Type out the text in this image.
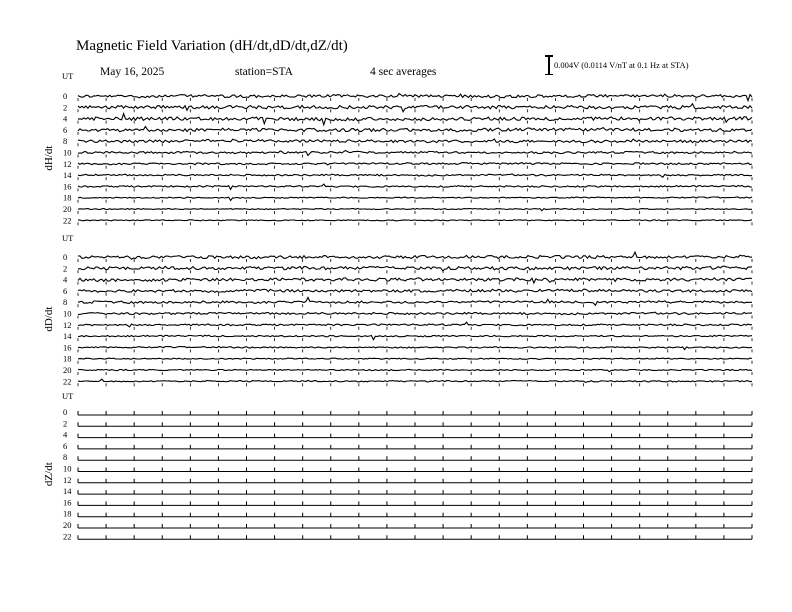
Magnetic Field Variation (dH/dt,dD/dt,dZ/dt)
May 16, 2025	station=STA	4 sec averages
0.004V (0.0114 V/nT at 0.1 Hz at STA)
UT
dH/dt
0
2
4
6
8
10
12
14
16
18
20
22
UT
dD/dt
0
2
4
6
8
10
12
14
16
18
20
22
UT
dZ/dt
0
2
4
6
8
10
12
14
16
18
20
22
